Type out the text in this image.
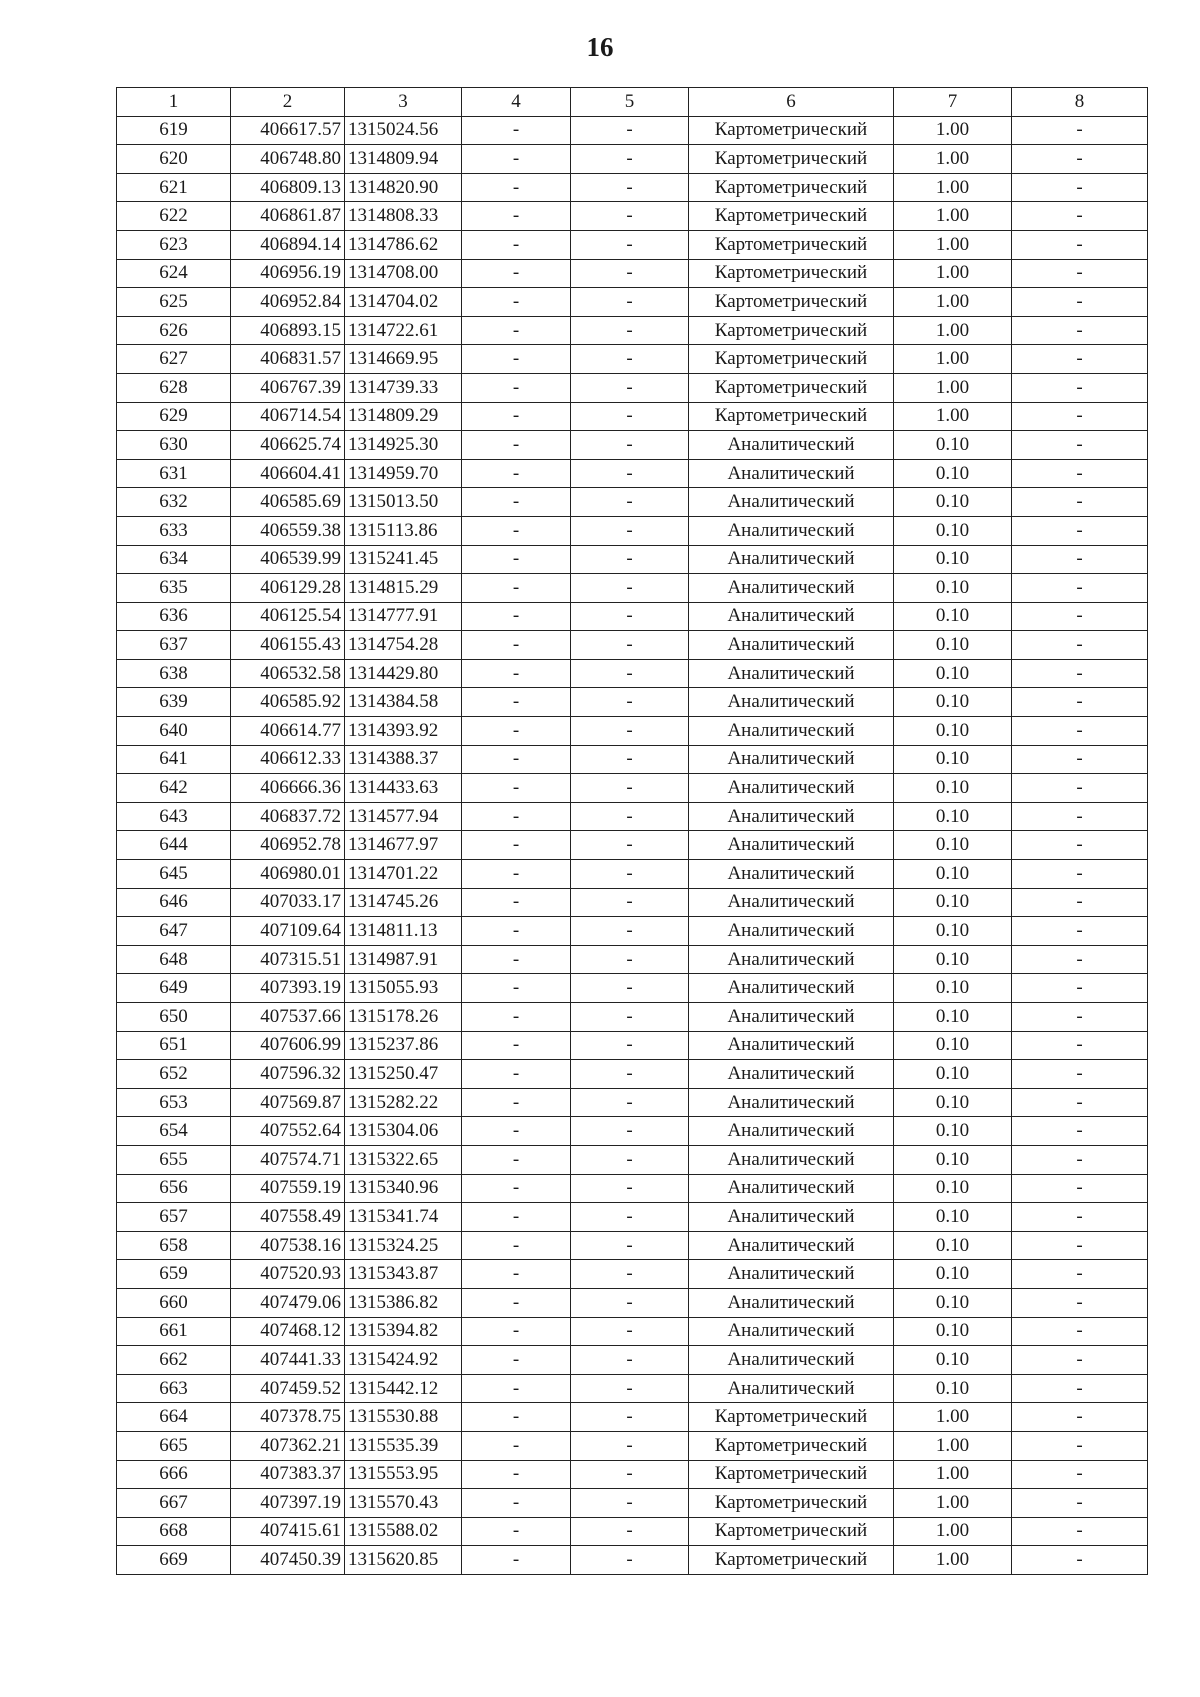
16
1	2	3	4	5	6	7	8
619	406617.57	1315024.56	-	-	Картометрический	1.00	-
620	406748.80	1314809.94	-	-	Картометрический	1.00	-
621	406809.13	1314820.90	-	-	Картометрический	1.00	-
622	406861.87	1314808.33	-	-	Картометрический	1.00	-
623	406894.14	1314786.62	-	-	Картометрический	1.00	-
624	406956.19	1314708.00	-	-	Картометрический	1.00	-
625	406952.84	1314704.02	-	-	Картометрический	1.00	-
626	406893.15	1314722.61	-	-	Картометрический	1.00	-
627	406831.57	1314669.95	-	-	Картометрический	1.00	-
628	406767.39	1314739.33	-	-	Картометрический	1.00	-
629	406714.54	1314809.29	-	-	Картометрический	1.00	-
630	406625.74	1314925.30	-	-	Аналитический	0.10	-
631	406604.41	1314959.70	-	-	Аналитический	0.10	-
632	406585.69	1315013.50	-	-	Аналитический	0.10	-
633	406559.38	1315113.86	-	-	Аналитический	0.10	-
634	406539.99	1315241.45	-	-	Аналитический	0.10	-
635	406129.28	1314815.29	-	-	Аналитический	0.10	-
636	406125.54	1314777.91	-	-	Аналитический	0.10	-
637	406155.43	1314754.28	-	-	Аналитический	0.10	-
638	406532.58	1314429.80	-	-	Аналитический	0.10	-
639	406585.92	1314384.58	-	-	Аналитический	0.10	-
640	406614.77	1314393.92	-	-	Аналитический	0.10	-
641	406612.33	1314388.37	-	-	Аналитический	0.10	-
642	406666.36	1314433.63	-	-	Аналитический	0.10	-
643	406837.72	1314577.94	-	-	Аналитический	0.10	-
644	406952.78	1314677.97	-	-	Аналитический	0.10	-
645	406980.01	1314701.22	-	-	Аналитический	0.10	-
646	407033.17	1314745.26	-	-	Аналитический	0.10	-
647	407109.64	1314811.13	-	-	Аналитический	0.10	-
648	407315.51	1314987.91	-	-	Аналитический	0.10	-
649	407393.19	1315055.93	-	-	Аналитический	0.10	-
650	407537.66	1315178.26	-	-	Аналитический	0.10	-
651	407606.99	1315237.86	-	-	Аналитический	0.10	-
652	407596.32	1315250.47	-	-	Аналитический	0.10	-
653	407569.87	1315282.22	-	-	Аналитический	0.10	-
654	407552.64	1315304.06	-	-	Аналитический	0.10	-
655	407574.71	1315322.65	-	-	Аналитический	0.10	-
656	407559.19	1315340.96	-	-	Аналитический	0.10	-
657	407558.49	1315341.74	-	-	Аналитический	0.10	-
658	407538.16	1315324.25	-	-	Аналитический	0.10	-
659	407520.93	1315343.87	-	-	Аналитический	0.10	-
660	407479.06	1315386.82	-	-	Аналитический	0.10	-
661	407468.12	1315394.82	-	-	Аналитический	0.10	-
662	407441.33	1315424.92	-	-	Аналитический	0.10	-
663	407459.52	1315442.12	-	-	Аналитический	0.10	-
664	407378.75	1315530.88	-	-	Картометрический	1.00	-
665	407362.21	1315535.39	-	-	Картометрический	1.00	-
666	407383.37	1315553.95	-	-	Картометрический	1.00	-
667	407397.19	1315570.43	-	-	Картометрический	1.00	-
668	407415.61	1315588.02	-	-	Картометрический	1.00	-
669	407450.39	1315620.85	-	-	Картометрический	1.00	-
